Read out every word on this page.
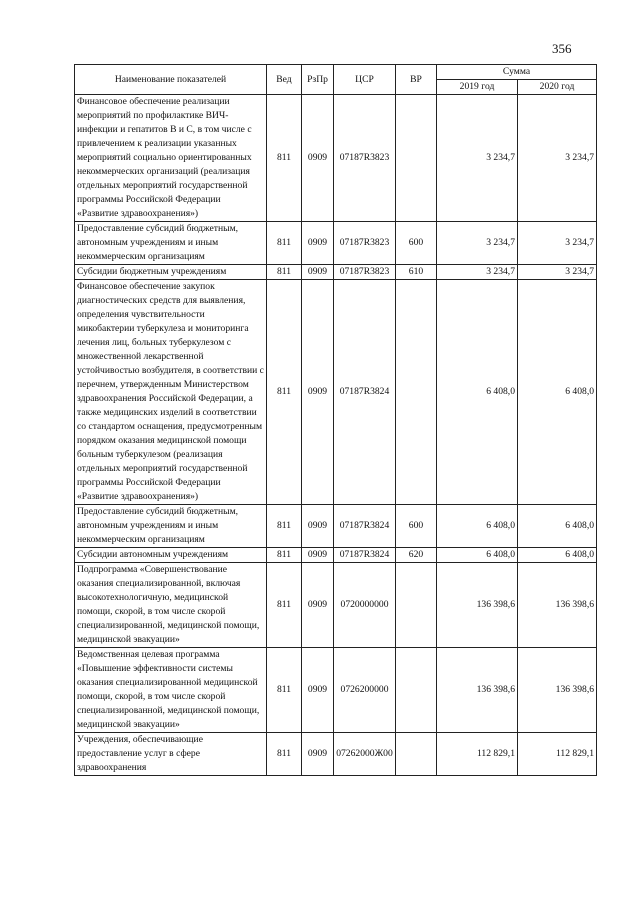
356
Наименование показателей	Вед	РзПр	ЦСР	ВР	Сумма	
					2019 год	2020 год
Финансовое обеспечение реализации мероприятий по профилактике ВИЧ-инфекции и гепатитов В и С, в том числе с привлечением к реализации указанных мероприятий социально ориентированных некоммерческих организаций (реализация отдельных мероприятий государственной программы Российской Федерации «Развитие здравоохранения»)	811	0909	07187R3823		3 234,7	3 234,7
Предоставление субсидий бюджетным, автономным учреждениям и иным некоммерческим организациям	811	0909	07187R3823	600	3 234,7	3 234,7
Субсидии бюджетным учреждениям	811	0909	07187R3823	610	3 234,7	3 234,7
Финансовое обеспечение закупок диагностических средств для выявления, определения чувствительности микобактерии туберкулеза и мониторинга лечения лиц, больных туберкулезом с множественной лекарственной устойчивостью возбудителя, в соответствии с перечнем, утвержденным Министерством здравоохранения Российской Федерации, а также медицинских изделий в соответствии со стандартом оснащения, предусмотренным порядком оказания медицинской помощи больным туберкулезом (реализация отдельных мероприятий государственной программы Российской Федерации «Развитие здравоохранения»)	811	0909	07187R3824		6 408,0	6 408,0
Предоставление субсидий бюджетным, автономным учреждениям и иным некоммерческим организациям	811	0909	07187R3824	600	6 408,0	6 408,0
Субсидии автономным учреждениям	811	0909	07187R3824	620	6 408,0	6 408,0
Подпрограмма «Совершенствование оказания специализированной, включая высокотехнологичную, медицинской помощи, скорой, в том числе скорой специализированной, медицинской помощи, медицинской эвакуации»	811	0909	0720000000		136 398,6	136 398,6
Ведомственная целевая программа «Повышение эффективности системы оказания специализированной медицинской помощи, скорой, в том числе скорой специализированной, медицинской помощи, медицинской эвакуации»	811	0909	0726200000		136 398,6	136 398,6
Учреждения, обеспечивающие предоставление услуг в сфере здравоохранения	811	0909	07262000Ж00		112 829,1	112 829,1
